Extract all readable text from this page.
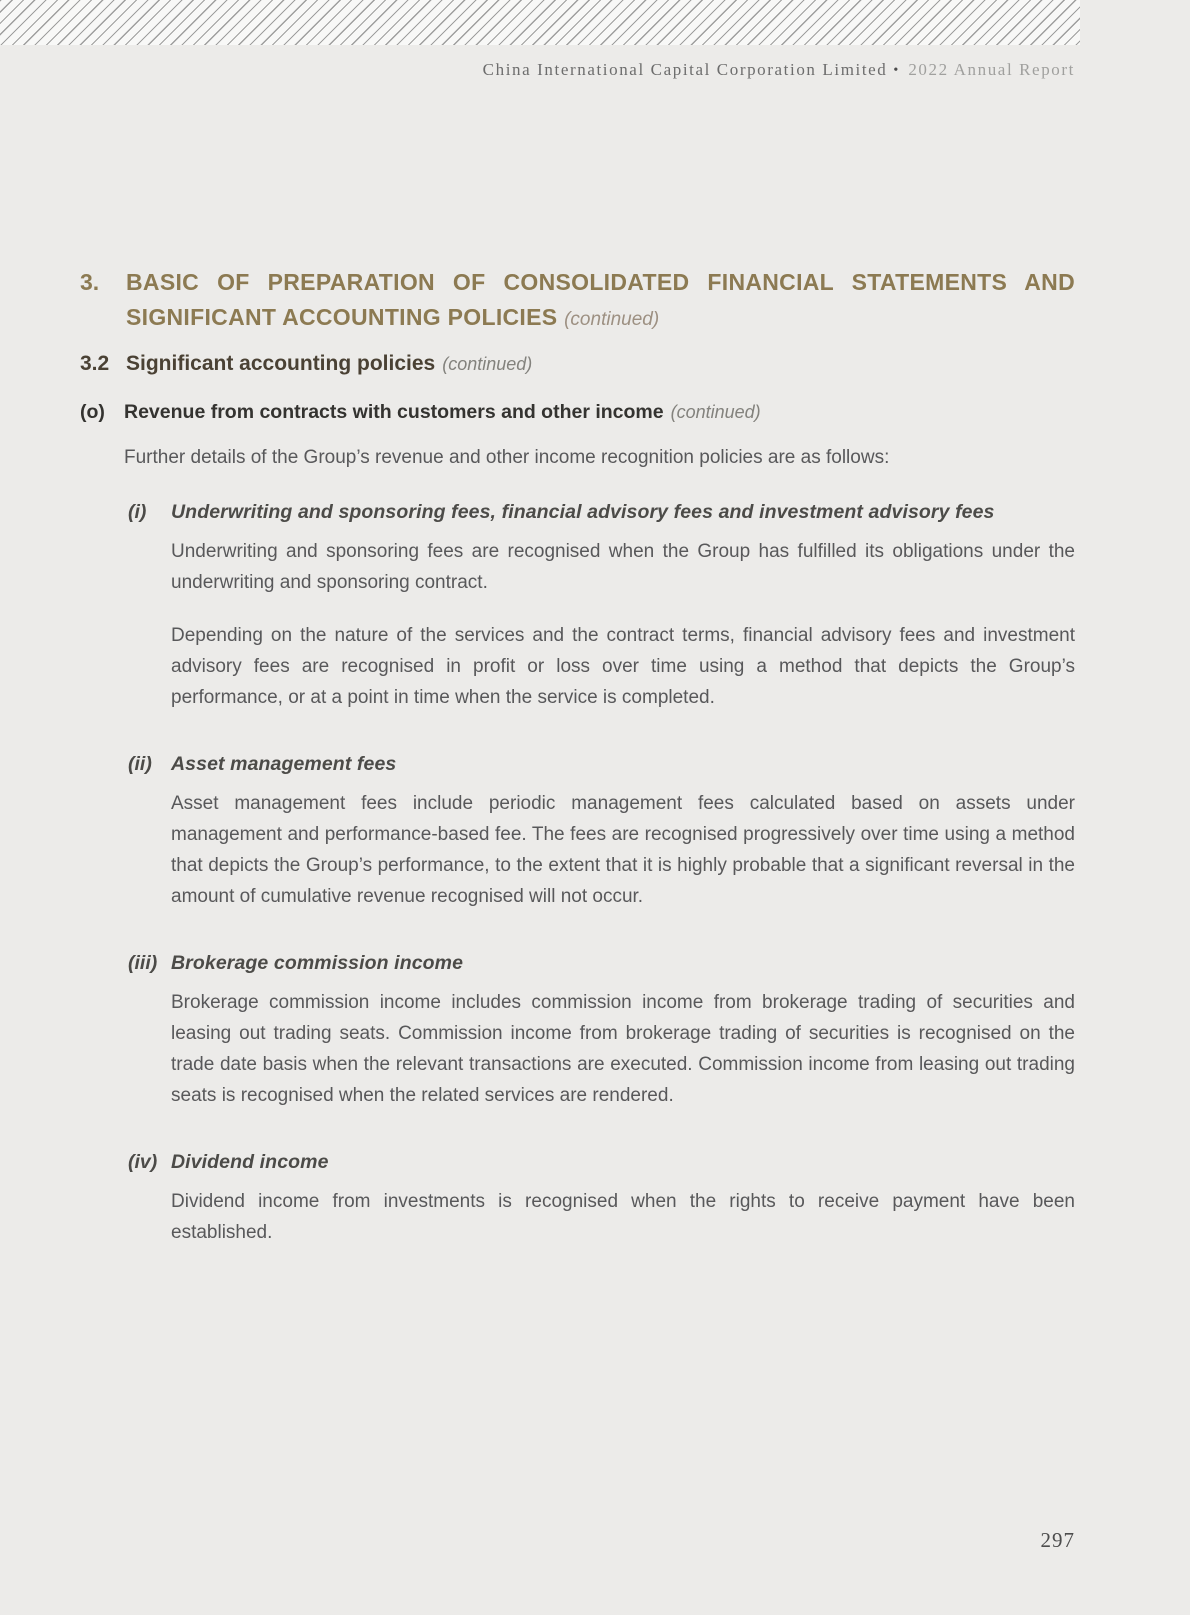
China International Capital Corporation Limited • 2022 Annual Report
3.	BASIC OF PREPARATION OF CONSOLIDATED FINANCIAL STATEMENTS AND
SIGNIFICANT ACCOUNTING POLICIES (continued)
3.2 Significant accounting policies (continued)
(o) Revenue from contracts with customers and other income (continued)

Further details of the Group’s revenue and other income recognition policies are as follows:

(i)	Underwriting and sponsoring fees, financial advisory fees and investment advisory fees

Underwriting and sponsoring fees are recognised when the Group has fulfilled its obligations under the underwriting and sponsoring contract.

Depending on the nature of the services and the contract terms, financial advisory fees and investment advisory fees are recognised in profit or loss over time using a method that depicts the Group’s performance, or at a point in time when the service is completed.

(ii) Asset management fees

Asset management fees include periodic management fees calculated based on assets under management and performance-based fee. The fees are recognised progressively over time using a method that depicts the Group’s performance, to the extent that it is highly probable that a significant reversal in the amount of cumulative revenue recognised will not occur.

(iii) Brokerage commission income

Brokerage commission income includes commission income from brokerage trading of securities and leasing out trading seats. Commission income from brokerage trading of securities is recognised on the trade date basis when the relevant transactions are executed. Commission income from leasing out trading seats is recognised when the related services are rendered.

(iv) Dividend income

Dividend income from investments is recognised when the rights to receive payment have been established.

297
